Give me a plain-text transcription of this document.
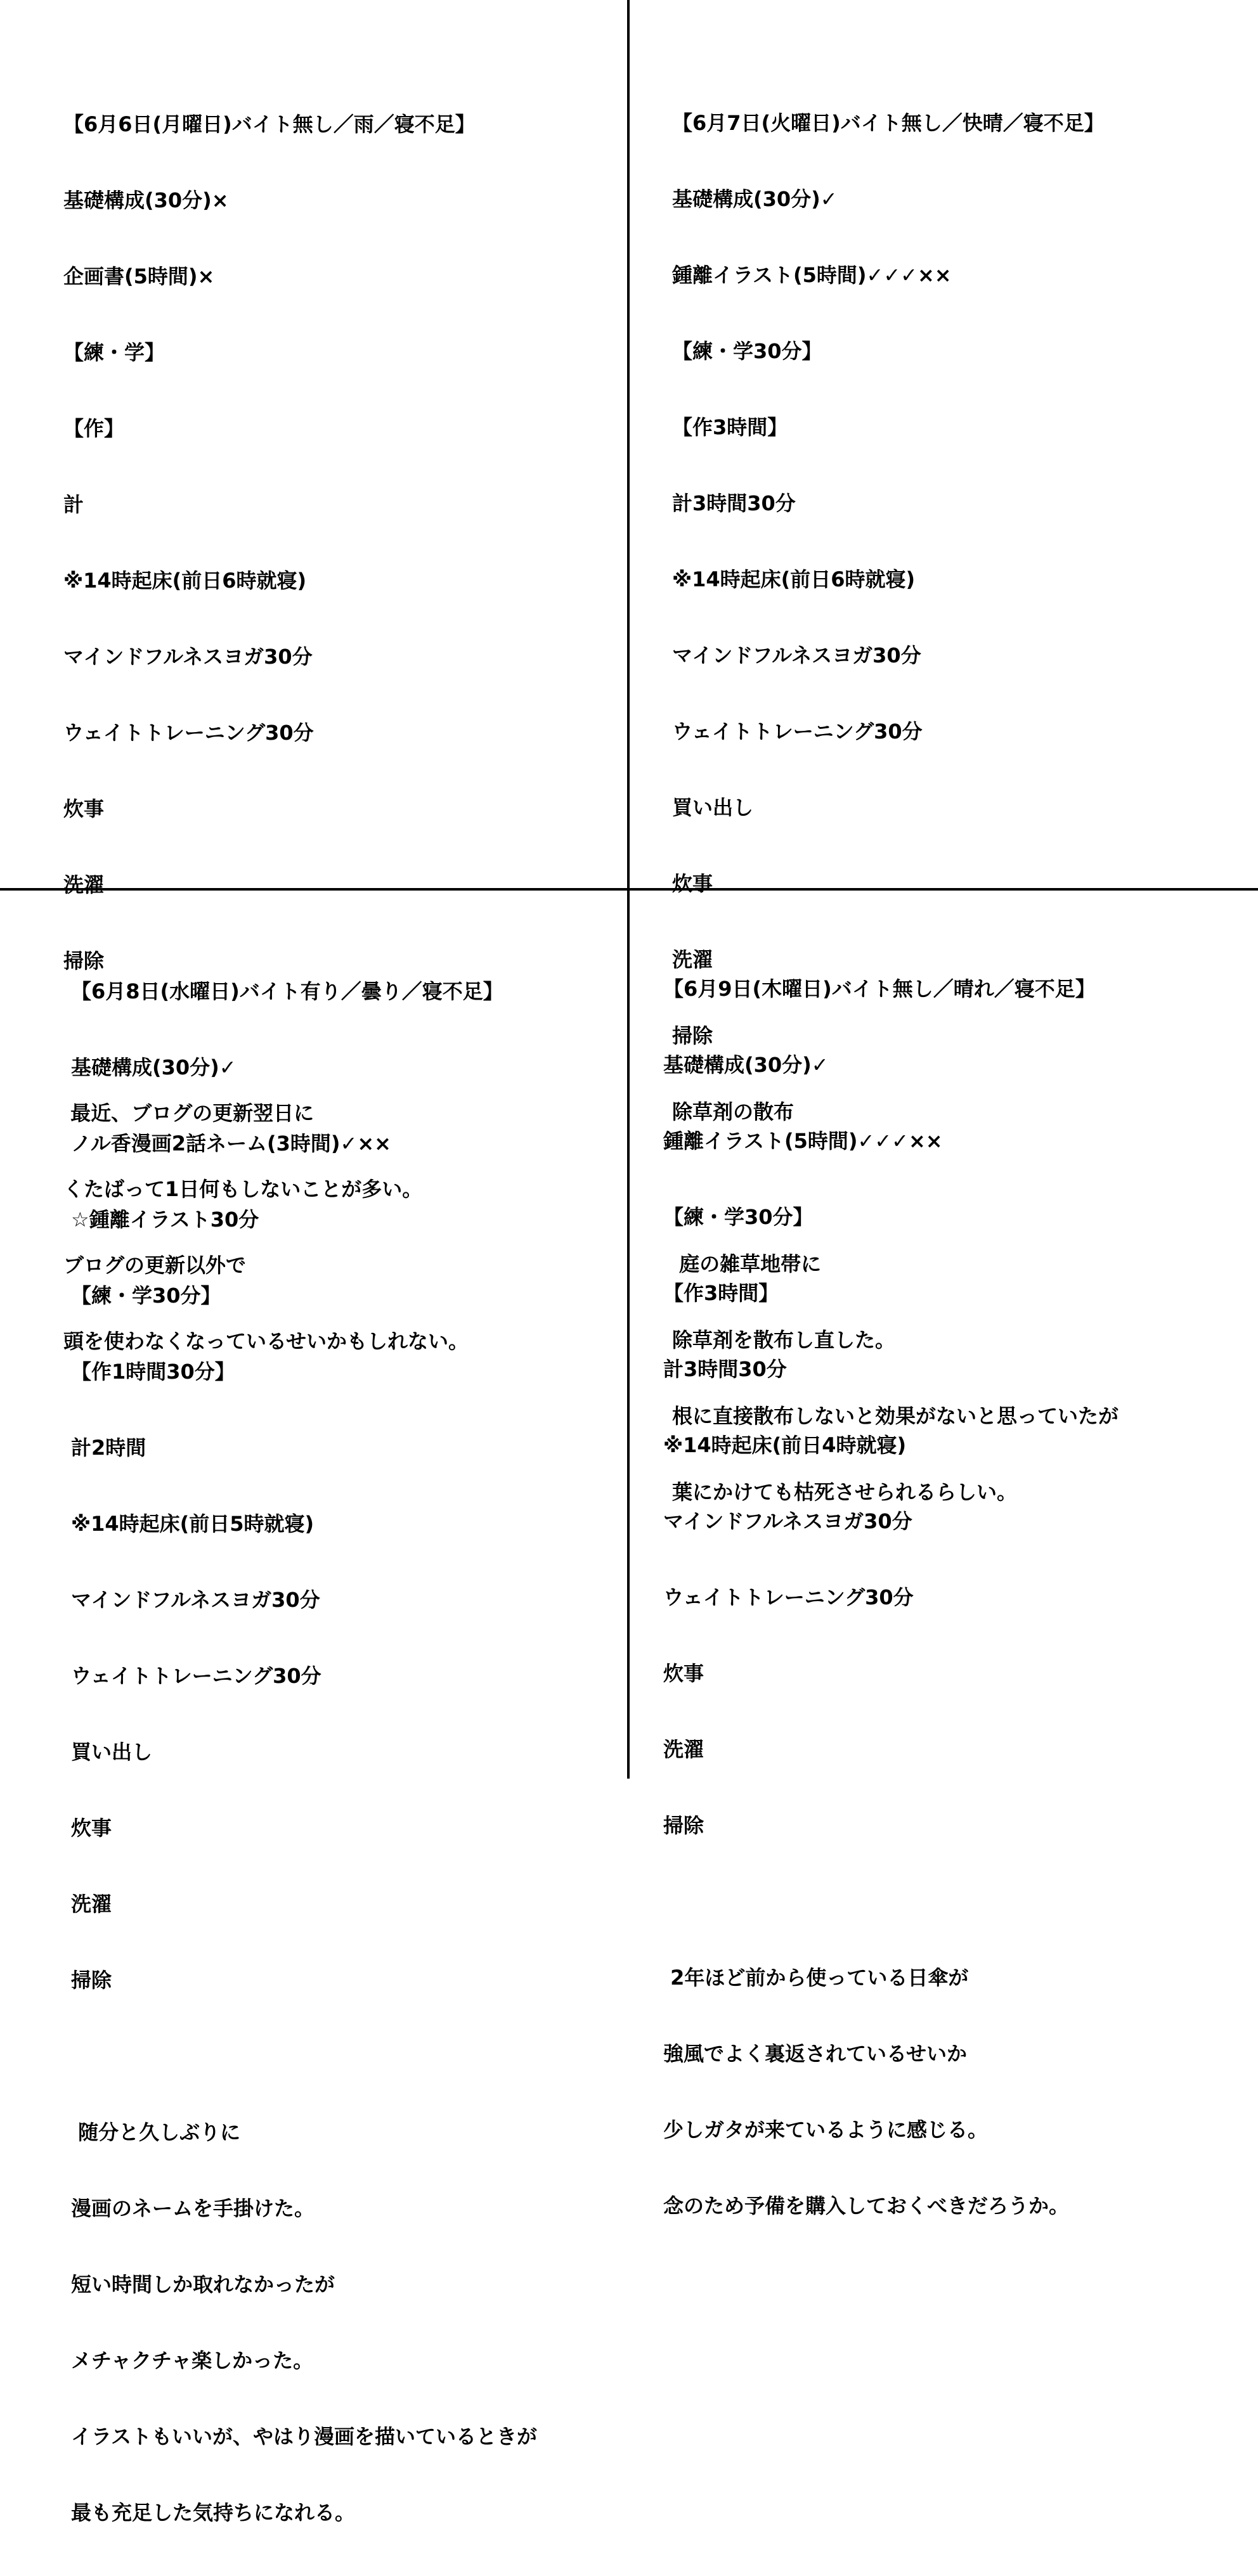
【6月6日(月曜日)バイト無し／雨／寝不足】

基礎構成(30分)×

企画書(5時間)×

【練・学】

【作】

計

※14時起床(前日6時就寝)

マインドフルネスヨガ30分

ウェイトトレーニング30分

炊事

洗濯

掃除

最近、ブログの更新翌日に

くたばって1日何もしないことが多い。

ブログの更新以外で

頭を使わなくなっているせいかもしれない。

【6月7日(火曜日)バイト無し／快晴／寝不足】

基礎構成(30分)✓

鍾離イラスト(5時間)✓✓✓××

【練・学30分】

【作3時間】

計3時間30分

※14時起床(前日6時就寝)

マインドフルネスヨガ30分

ウェイトトレーニング30分

買い出し

炊事

洗濯

掃除

除草剤の散布

庭の雑草地帯に

除草剤を散布し直した。

根に直接散布しないと効果がないと思っていたが

葉にかけても枯死させられるらしい。

【6月8日(水曜日)バイト有り／曇り／寝不足】

基礎構成(30分)✓

ノル香漫画2話ネーム(3時間)✓××

☆鍾離イラスト30分

【練・学30分】

【作1時間30分】

計2時間

※14時起床(前日5時就寝)

マインドフルネスヨガ30分

ウェイトトレーニング30分

買い出し

炊事

洗濯

掃除

随分と久しぶりに

漫画のネームを手掛けた。

短い時間しか取れなかったが

メチャクチャ楽しかった。

イラストもいいが、やはり漫画を描いているときが

最も充足した気持ちになれる。

【6月9日(木曜日)バイト無し／晴れ／寝不足】

基礎構成(30分)✓

鍾離イラスト(5時間)✓✓✓××

【練・学30分】

【作3時間】

計3時間30分

※14時起床(前日4時就寝)

マインドフルネスヨガ30分

ウェイトトレーニング30分

炊事

洗濯

掃除

2年ほど前から使っている日傘が

強風でよく裏返されているせいか

少しガタが来ているように感じる。

念のため予備を購入しておくべきだろうか。
